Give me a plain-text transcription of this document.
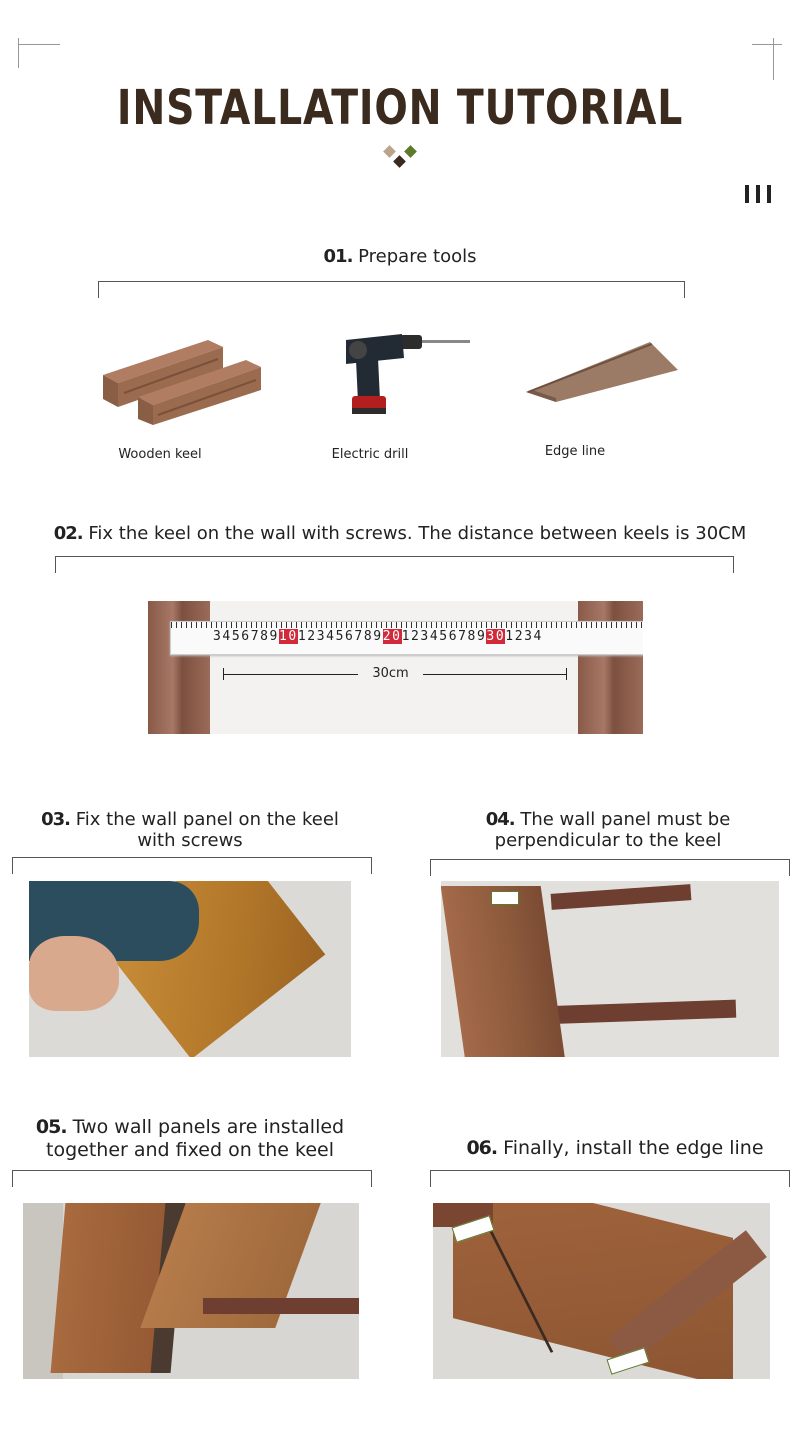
INSTALLATION TUTORIAL
01. Prepare tools
Wooden keel	Electric drill	Edge line
02. Fix the keel on the wall with screws. The distance between keels is 30CM
34567891012345678920123456789301234
30cm
03. Fix the wall panel on the keel
with screws
04. The wall panel must be
perpendicular to the keel
05. Two wall panels are installed
together and fixed on the keel	06. Finally, install the edge line
